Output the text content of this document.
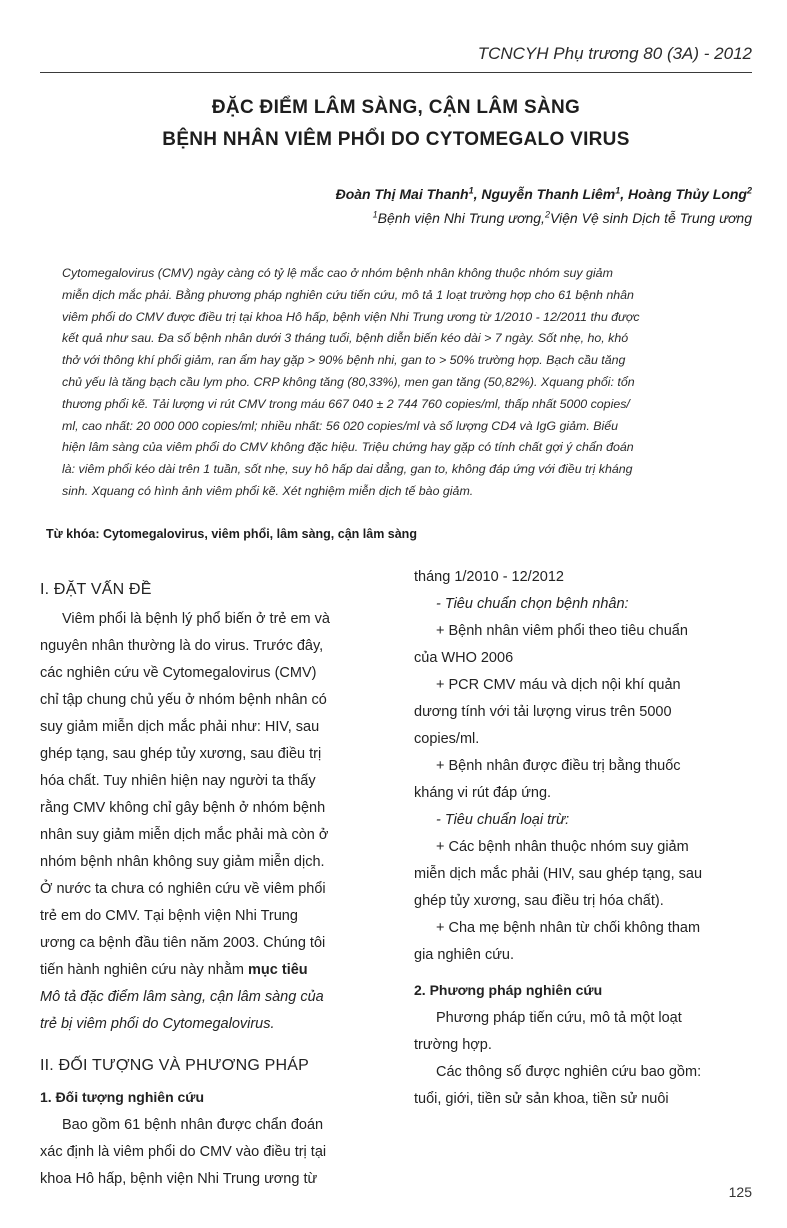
TCNCYH Phụ trương 80 (3A) - 2012
ĐẶC ĐIỂM LÂM SÀNG, CẬN LÂM SÀNG
BỆNH NHÂN VIÊM PHỔI DO CYTOMEGALO VIRUS
Đoàn Thị Mai Thanh$^1$, Nguyễn Thanh Liêm$^1$, Hoàng Thủy Long$^2$
$^1$Bệnh viện Nhi Trung ương,$^2$Viện Vệ sinh Dịch tễ Trung ương
Cytomegalovirus (CMV) ngày càng có tỷ lệ mắc cao ở nhóm bệnh nhân không thuộc nhóm suy giảm
miễn dịch mắc phải. Bằng phương pháp nghiên cứu tiến cứu, mô tả 1 loạt trường hợp cho 61 bệnh nhân
viêm phổi do CMV được điều trị tại khoa Hô hấp, bệnh viện Nhi Trung ương từ 1/2010 - 12/2011 thu được
kết quả như sau. Đa số bệnh nhân dưới 3 tháng tuổi, bệnh diễn biến kéo dài > 7 ngày. Sốt nhẹ, ho, khó
thở với thông khí phổi giảm, ran ẩm hay gặp > 90% bệnh nhi, gan to > 50% trường hợp. Bạch cầu tăng
chủ yếu là tăng bạch cầu lym pho. CRP không tăng (80,33%), men gan tăng (50,82%). Xquang phổi: tổn
thương phổi kẽ. Tải lượng vi rút CMV trong máu 667 040 ± 2 744 760 copies/ml, thấp nhất 5000 copies/
ml, cao nhất: 20 000 000 copies/ml; nhiều nhất: 56 020 copies/ml và số lượng CD4 và IgG giảm. Biểu
hiện lâm sàng của viêm phổi do CMV không đặc hiệu. Triệu chứng hay gặp có tính chất gợi ý chẩn đoán
là: viêm phổi kéo dài trên 1 tuần, sốt nhẹ, suy hô hấp dai dẳng, gan to, không đáp ứng với điều trị kháng
sinh. Xquang có hình ảnh viêm phổi kẽ. Xét nghiệm miễn dịch tế bào giảm.
Từ khóa: Cytomegalovirus, viêm phổi, lâm sàng, cận lâm sàng
I. ĐẶT VẤN ĐỀ
Viêm phổi là bệnh lý phổ biến ở trẻ em và
nguyên nhân thường là do virus. Trước đây,
các nghiên cứu về Cytomegalovirus (CMV)
chỉ tập chung chủ yếu ở nhóm bệnh nhân có
suy giảm miễn dịch mắc phải như: HIV, sau
ghép tạng, sau ghép tủy xương, sau điều trị
hóa chất. Tuy nhiên hiện nay người ta thấy
rằng CMV không chỉ gây bệnh ở nhóm bệnh
nhân suy giảm miễn dịch mắc phải mà còn ở
nhóm bệnh nhân không suy giảm miễn dịch.
Ở nước ta chưa có nghiên cứu về viêm phổi
trẻ em do CMV. Tại bệnh viện Nhi Trung
ương ca bệnh đầu tiên năm 2003. Chúng tôi
tiến hành nghiên cứu này nhằm mục tiêu
Mô tả đặc điểm lâm sàng, cận lâm sàng của
trẻ bị viêm phổi do Cytomegalovirus.
II. ĐỐI TƯỢNG VÀ PHƯƠNG PHÁP
1. Đối tượng nghiên cứu
Bao gồm 61 bệnh nhân được chẩn đoán
xác định là viêm phổi do CMV vào điều trị tại
khoa Hô hấp, bệnh viện Nhi Trung ương từ
tháng 1/2010 - 12/2012
- Tiêu chuẩn chọn bệnh nhân:
+ Bệnh nhân viêm phổi theo tiêu chuẩn
của WHO 2006
+ PCR CMV máu và dịch nội khí quản
dương tính với tải lượng virus trên 5000
copies/ml.
+ Bệnh nhân được điều trị bằng thuốc
kháng vi rút đáp ứng.
- Tiêu chuẩn loại trừ:
+ Các bệnh nhân thuộc nhóm suy giảm
miễn dịch mắc phải (HIV, sau ghép tạng, sau
ghép tủy xương, sau điều trị hóa chất).
+ Cha mẹ bệnh nhân từ chối không tham
gia nghiên cứu.
2. Phương pháp nghiên cứu
Phương pháp tiến cứu, mô tả một loạt
trường hợp.
Các thông số được nghiên cứu bao gồm:
tuổi, giới, tiền sử sản khoa, tiền sử nuôi
125
